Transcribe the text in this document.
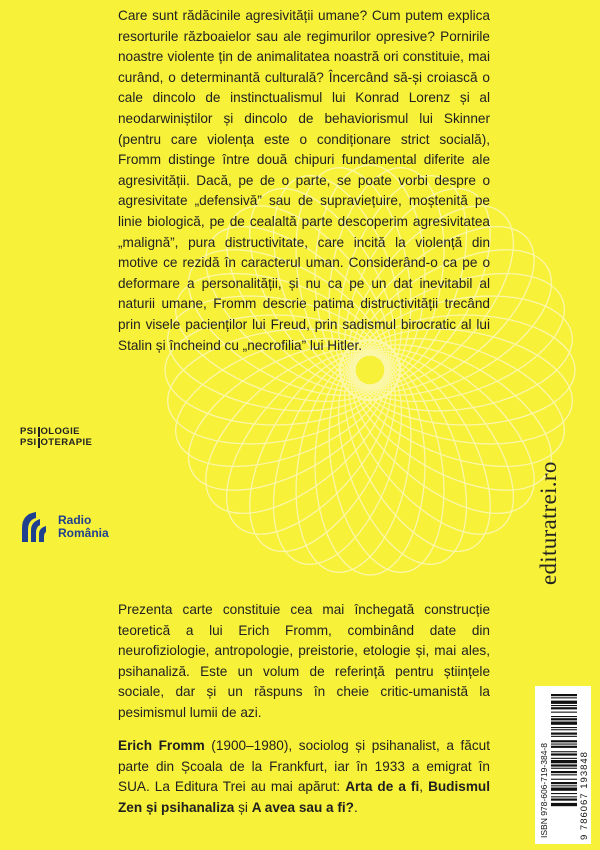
Care sunt rădăcinile agresivității umane? Cum putem explica resorturile războaielor sau ale regimurilor opresive? Pornirile noastre violente țin de animalitatea noastră ori constituie, mai curând, o determinantă culturală? Încercând să-și croiască o cale dincolo de instinctualismul lui Konrad Lorenz și al neodarwiniștilor și dincolo de behaviorismul lui Skinner (pentru care violența este o condiționare strict socială), Fromm distinge între două chipuri fundamental diferite ale agresivității. Dacă, pe de o parte, se poate vorbi despre o agresivitate „defensivă” sau de supraviețuire, moștenită pe linie biologică, pe de cealaltă parte descoperim agresivitatea „malignă”, pura distructivitate, care incită la violență din motive ce rezidă în caracterul uman. Considerând-o ca pe o deformare a personalității, și nu ca pe un dat inevitabil al naturii umane, Fromm descrie patima distructivității trecând prin visele pacienților lui Freud, prin sadismul birocratic al lui Stalin și încheind cu „necrofilia” lui Hitler.

PSI OLOGIE
PSI OTERAPIE
Radio
România	edituratrei.ro

Prezenta carte constituie cea mai închegată construcție teoretică a lui Erich Fromm, combinând date din neurofiziologie, antropologie, preistorie, etologie și, mai ales, psihanaliză. Este un volum de referință pentru științele sociale, dar și un răspuns în cheie critic-umanistă la pesimismul lumii de azi.

Erich Fromm (1900–1980), sociolog și psihanalist, a făcut parte din Școala de la Frankfurt, iar în 1933 a emigrat în SUA. La Editura Trei au mai apărut: Arta de a fi, Budismul Zen și psihanaliza și A avea sau a fi?.	ISBN 978-606-719-384-8	9 786067 193848
